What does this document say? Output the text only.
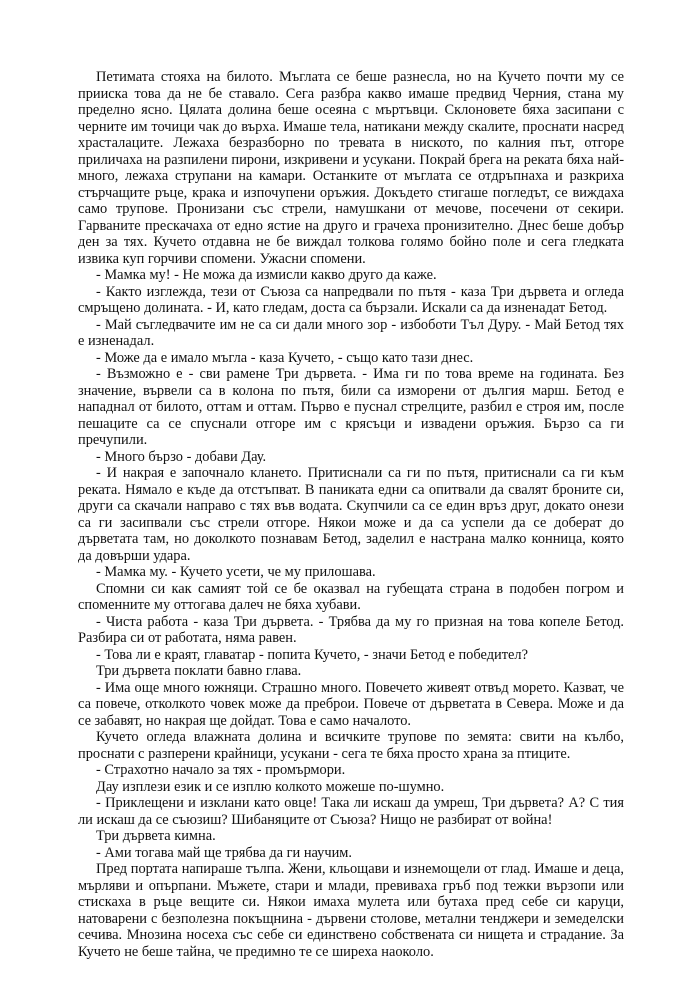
Петимата стояха на билото. Мъглата се беше разнесла, но на Кучето почти му се прииска това да не бе ставало. Сега разбра какво имаше предвид Черния, стана му пределно ясно. Цялата долина беше осеяна с мъртъвци. Склоновете бяха засипани с черните им точици чак до върха. Имаше тела, натикани между скалите, проснати насред храсталаците. Лежаха безразборно по тревата в ниското, по калния път, отгоре приличаха на разпилени пирони, изкривени и усукани. Покрай брега на реката бяха най-много, лежаха струпани на камари. Останките от мъглата се отдръпнаха и разкриха стърчащите ръце, крака и изпочупени оръжия. Докъдето стигаше погледът, се виждаха само трупове. Пронизани със стрели, намушкани от мечове, посечени от секири. Гарваните прескачаха от едно ястие на друго и грачеха пронизително. Днес беше добър ден за тях. Кучето отдавна не бе виждал толкова голямо бойно поле и сега гледката извика куп горчиви спомени. Ужасни спомени.

- Мамка му! - Не можа да измисли какво друго да каже.

- Както изглежда, тези от Съюза са напредвали по пътя - каза Три дървета и огледа смръщено долината. - И, като гледам, доста са бързали. Искали са да изненадат Бетод.

- Май съгледвачите им не са си дали много зор - избоботи Тъл Дуру. - Май Бетод тях е изненадал.

- Може да е имало мъгла - каза Кучето, - също като тази днес.

- Възможно е - сви рамене Три дървета. - Има ги по това време на годината. Без значение, вървели са в колона по пътя, били са изморени от дългия марш. Бетод е нападнал от билото, оттам и оттам. Първо е пуснал стрелците, разбил е строя им, после пешаците са се спуснали отгоре им с крясъци и извадени оръжия. Бързо са ги пречупили.

- Много бързо - добави Дау.

- И накрая е започнало клането. Притиснали са ги по пътя, притиснали са ги към реката. Нямало е къде да отстъпват. В паниката едни са опитвали да свалят броните си, други са скачали направо с тях във водата. Скупчили са се един връз друг, докато онези са ги засипвали със стрели отгоре. Някои може и да са успели да се доберат до дърветата там, но доколкото познавам Бетод, заделил е настрана малко конница, която да довърши удара.

- Мамка му. - Кучето усети, че му прилошава.

Спомни си как самият той се бе оказвал на губещата страна в подобен погром и споменните му оттогава далеч не бяха хубави.

- Чиста работа - каза Три дървета. - Трябва да му го призная на това копеле Бетод. Разбира си от работата, няма равен.

- Това ли е краят, главатар - попита Кучето, - значи Бетод е победител?

Три дървета поклати бавно глава.

- Има още много южняци. Страшно много. Повечето живеят отвъд морето. Казват, че са повече, отколкото човек може да преброи. Повече от дърветата в Севера. Може и да се забавят, но накрая ще дойдат. Това е само началото.

Кучето огледа влажната долина и всичките трупове по земята: свити на кълбо, проснати с разперени крайници, усукани - сега те бяха просто храна за птиците.

- Страхотно начало за тях - промърмори.

Дау изплези език и се изплю колкото можеше по-шумно.

- Приклещени и изклани като овце! Така ли искаш да умреш, Три дървета? А? С тия ли искаш да се съюзиш? Шибаняците от Съюза? Нищо не разбират от война!

Три дървета кимна.

- Ами тогава май ще трябва да ги научим.

Пред портата напираше тълпа. Жени, кльощави и изнемощели от глад. Имаше и деца, мърляви и опърпани. Мъжете, стари и млади, превиваха гръб под тежки вързопи или стискаха в ръце вещите си. Някои имаха мулета или бутаха пред себе си каруци, натоварени с безполезна покъщнина - дървени столове, метални тенджери и земеделски сечива. Мнозина носеха със себе си единствено собствената си нищета и страдание. За Кучето не беше тайна, че предимно те се ширеха наоколо.
